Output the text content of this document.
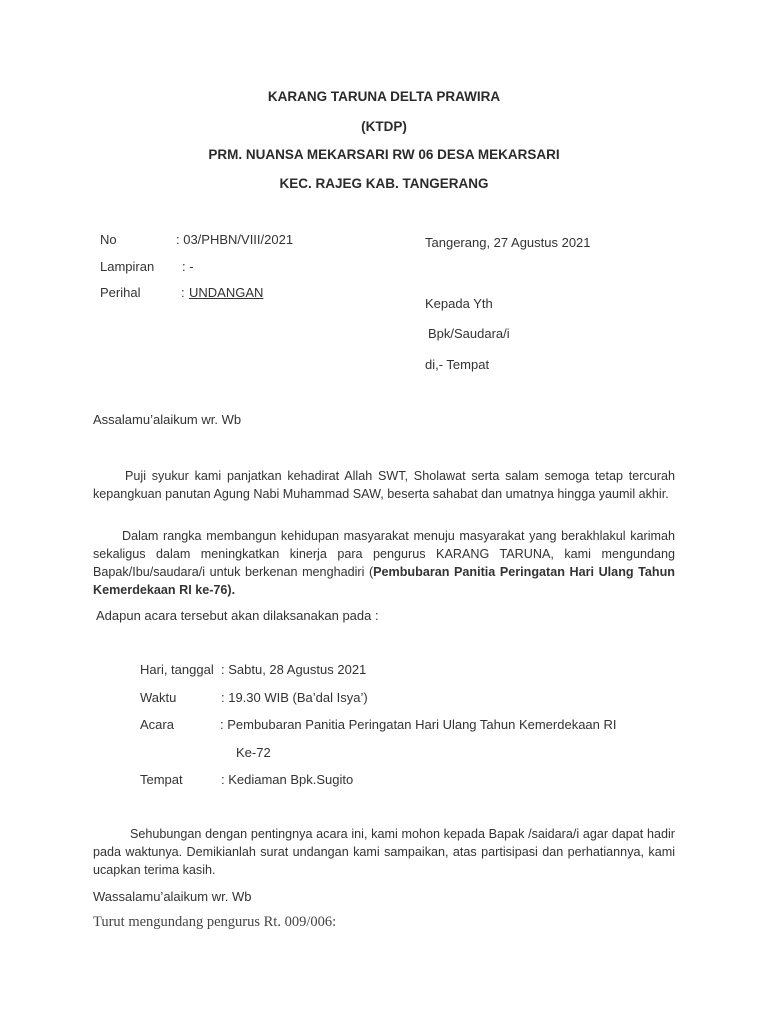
KARANG TARUNA DELTA PRAWIRA
(KTDP)
PRM. NUANSA MEKARSARI RW 06 DESA MEKARSARI
KEC. RAJEG KAB. TANGERANG
No	: 03/PHBN/VIII/2021
Lampiran : -
Perihal	: UNDANGAN
Tangerang, 27 Agustus 2021
Kepada Yth
Bpk/Saudara/i
di,- Tempat
Assalamu’alaikum wr. Wb
Puji syukur kami panjatkan kehadirat Allah SWT, Sholawat serta salam semoga tetap tercurah kepangkuan panutan Agung Nabi Muhammad SAW, beserta sahabat dan umatnya hingga yaumil akhir.
Dalam rangka membangun kehidupan masyarakat menuju masyarakat yang berakhlakul karimah sekaligus dalam meningkatkan kinerja para pengurus KARANG TARUNA, kami mengundang Bapak/Ibu/saudara/i untuk berkenan menghadiri (Pembubaran Panitia Peringatan Hari Ulang Tahun Kemerdekaan RI ke-76).
Adapun acara tersebut akan dilaksanakan pada :
Hari, tanggal : Sabtu, 28 Agustus 2021
Waktu	: 19.30 WIB (Ba’dal Isya’)
Acara	: Pembubaran Panitia Peringatan Hari Ulang Tahun Kemerdekaan RI
Ke-72
Tempat	: Kediaman Bpk.Sugito
Sehubungan dengan pentingnya acara ini, kami mohon kepada Bapak /saidara/i agar dapat hadir pada waktunya. Demikianlah surat undangan kami sampaikan, atas partisipasi dan perhatiannya, kami ucapkan terima kasih.
Wassalamu’alaikum wr. Wb
Turut mengundang pengurus Rt. 009/006:
